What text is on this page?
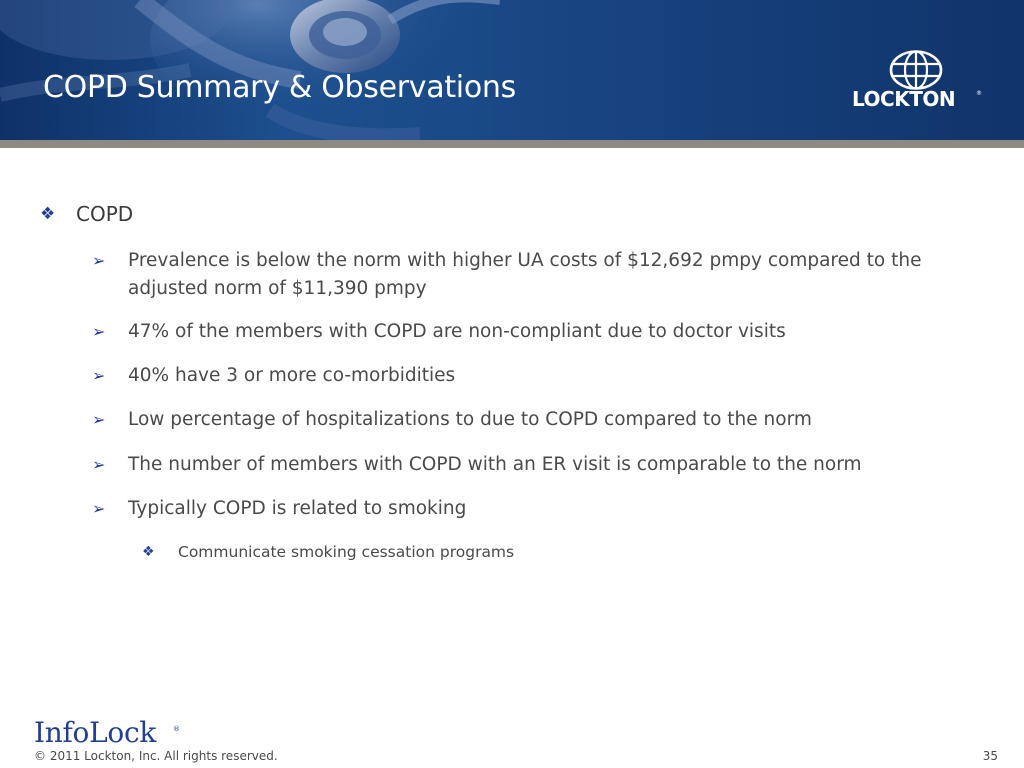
COPD Summary & Observations	LOCKTON	®
❖	COPD
➢	Prevalence is below the norm with higher UA costs of $12,692 pmpy compared to the adjusted norm of $11,390 pmpy
➢	47% of the members with COPD are non-compliant due to doctor visits
➢	40% have 3 or more co-morbidities
➢	Low percentage of hospitalizations to due to COPD compared to the norm
➢	The number of members with COPD with an ER visit is comparable to the norm
➢	Typically COPD is related to smoking
❖	Communicate smoking cessation programs
InfoLock ®
© 2011 Lockton, Inc. All rights reserved.	35
